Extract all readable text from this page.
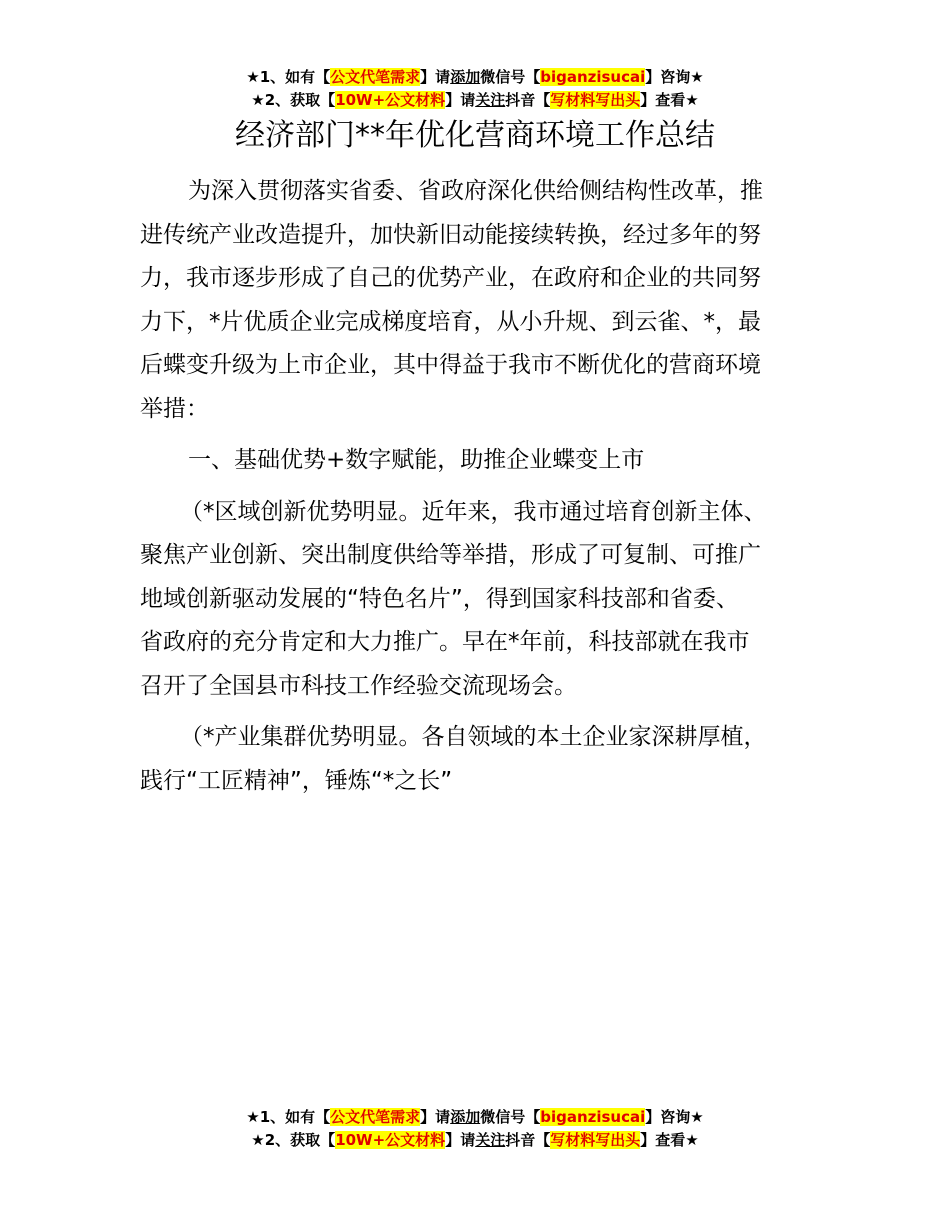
★1、如有【公文代笔需求】请添加微信号【biganzisucai】咨询★
★2、获取【10W+公文材料】请关注抖音【写材料写出头】查看★
经济部门**年优化营商环境工作总结

为深入贯彻落实省委、省政府深化供给侧结构性改革，推
进传统产业改造提升，加快新旧动能接续转换，经过多年的努
力，我市逐步形成了自己的优势产业，在政府和企业的共同努
力下，*片优质企业完成梯度培育，从小升规、到云雀、*，最
后蝶变升级为上市企业，其中得益于我市不断优化的营商环境
举措：

一、基础优势+数字赋能，助推企业蝶变上市

（*区域创新优势明显。近年来，我市通过培育创新主体、
聚焦产业创新、突出制度供给等举措，形成了可复制、可推广
地域创新驱动发展的“特色名片”，得到国家科技部和省委、
省政府的充分肯定和大力推广。早在*年前，科技部就在我市
召开了全国县市科技工作经验交流现场会。

（*产业集群优势明显。各自领域的本土企业家深耕厚植，
践行“工匠精神”，锤炼“*之长”

★1、如有【公文代笔需求】请添加微信号【biganzisucai】咨询★
★2、获取【10W+公文材料】请关注抖音【写材料写出头】查看★
